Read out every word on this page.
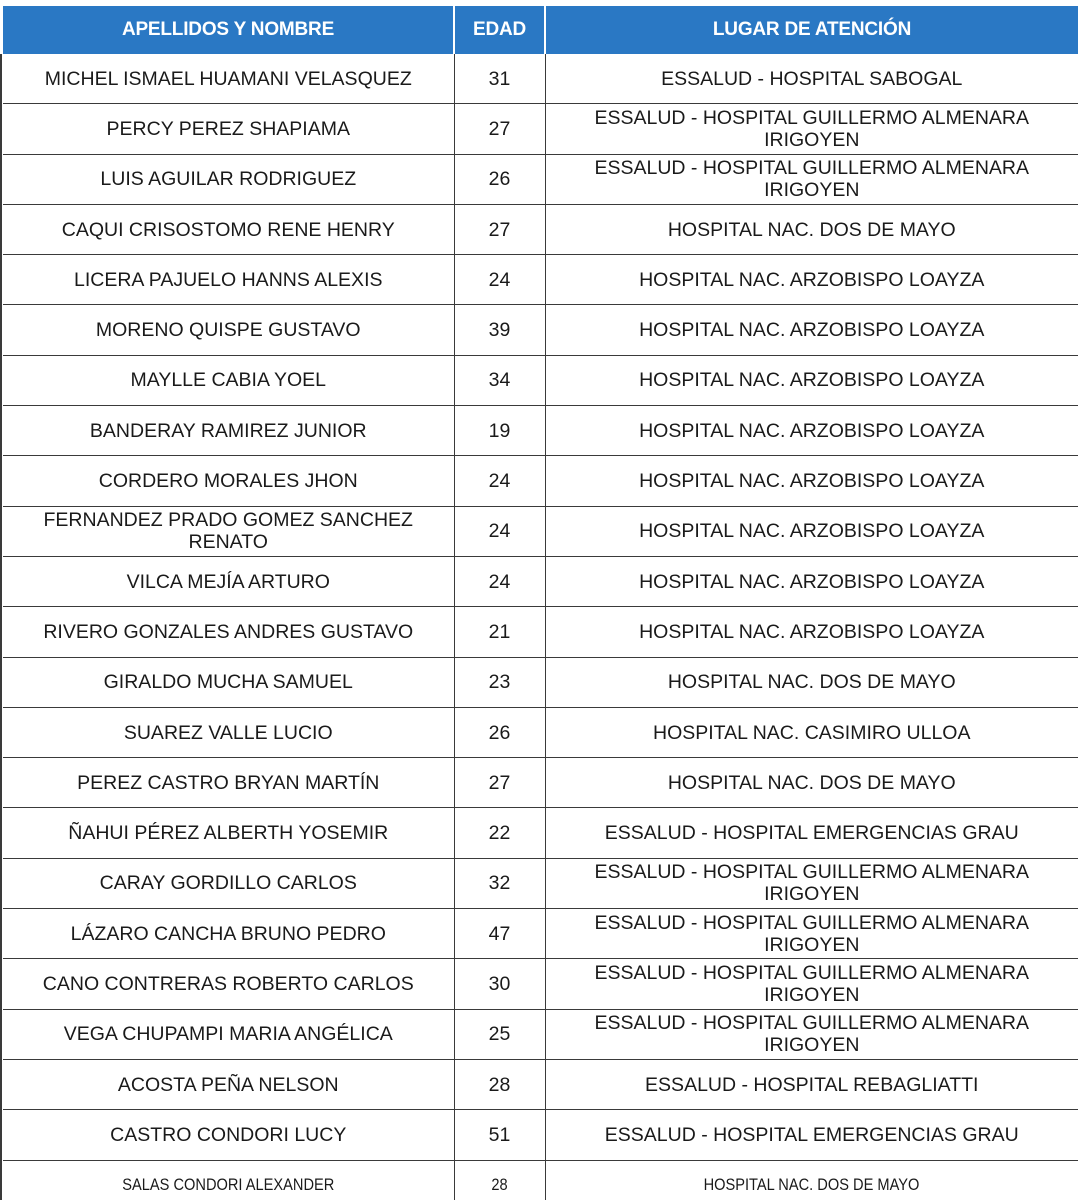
APELLIDOS Y NOMBRE	EDAD	LUGAR DE ATENCIÓN
MICHEL ISMAEL HUAMANI VELASQUEZ	31	ESSALUD - HOSPITAL SABOGAL
PERCY PEREZ SHAPIAMA	27	ESSALUD - HOSPITAL GUILLERMO ALMENARA IRIGOYEN
LUIS AGUILAR RODRIGUEZ	26	ESSALUD - HOSPITAL GUILLERMO ALMENARA IRIGOYEN
CAQUI CRISOSTOMO RENE HENRY	27	HOSPITAL NAC. DOS DE MAYO
LICERA PAJUELO HANNS ALEXIS	24	HOSPITAL NAC. ARZOBISPO LOAYZA
MORENO QUISPE GUSTAVO	39	HOSPITAL NAC. ARZOBISPO LOAYZA
MAYLLE CABIA YOEL	34	HOSPITAL NAC. ARZOBISPO LOAYZA
BANDERAY RAMIREZ JUNIOR	19	HOSPITAL NAC. ARZOBISPO LOAYZA
CORDERO MORALES JHON	24	HOSPITAL NAC. ARZOBISPO LOAYZA
FERNANDEZ PRADO GOMEZ SANCHEZ RENATO	24	HOSPITAL NAC. ARZOBISPO LOAYZA
VILCA MEJÍA ARTURO	24	HOSPITAL NAC. ARZOBISPO LOAYZA
RIVERO GONZALES ANDRES GUSTAVO	21	HOSPITAL NAC. ARZOBISPO LOAYZA
GIRALDO MUCHA SAMUEL	23	HOSPITAL NAC. DOS DE MAYO
SUAREZ VALLE LUCIO	26	HOSPITAL NAC. CASIMIRO ULLOA
PEREZ CASTRO BRYAN MARTÍN	27	HOSPITAL NAC. DOS DE MAYO
ÑAHUI PÉREZ ALBERTH YOSEMIR	22	ESSALUD - HOSPITAL EMERGENCIAS GRAU
CARAY GORDILLO CARLOS	32	ESSALUD - HOSPITAL GUILLERMO ALMENARA IRIGOYEN
LÁZARO CANCHA BRUNO PEDRO	47	ESSALUD - HOSPITAL GUILLERMO ALMENARA IRIGOYEN
CANO CONTRERAS ROBERTO CARLOS	30	ESSALUD - HOSPITAL GUILLERMO ALMENARA IRIGOYEN
VEGA CHUPAMPI MARIA ANGÉLICA	25	ESSALUD - HOSPITAL GUILLERMO ALMENARA IRIGOYEN
ACOSTA PEÑA NELSON	28	ESSALUD - HOSPITAL REBAGLIATTI
CASTRO CONDORI LUCY	51	ESSALUD - HOSPITAL EMERGENCIAS GRAU
SALAS CONDORI ALEXANDER	28	HOSPITAL NAC. DOS DE MAYO
